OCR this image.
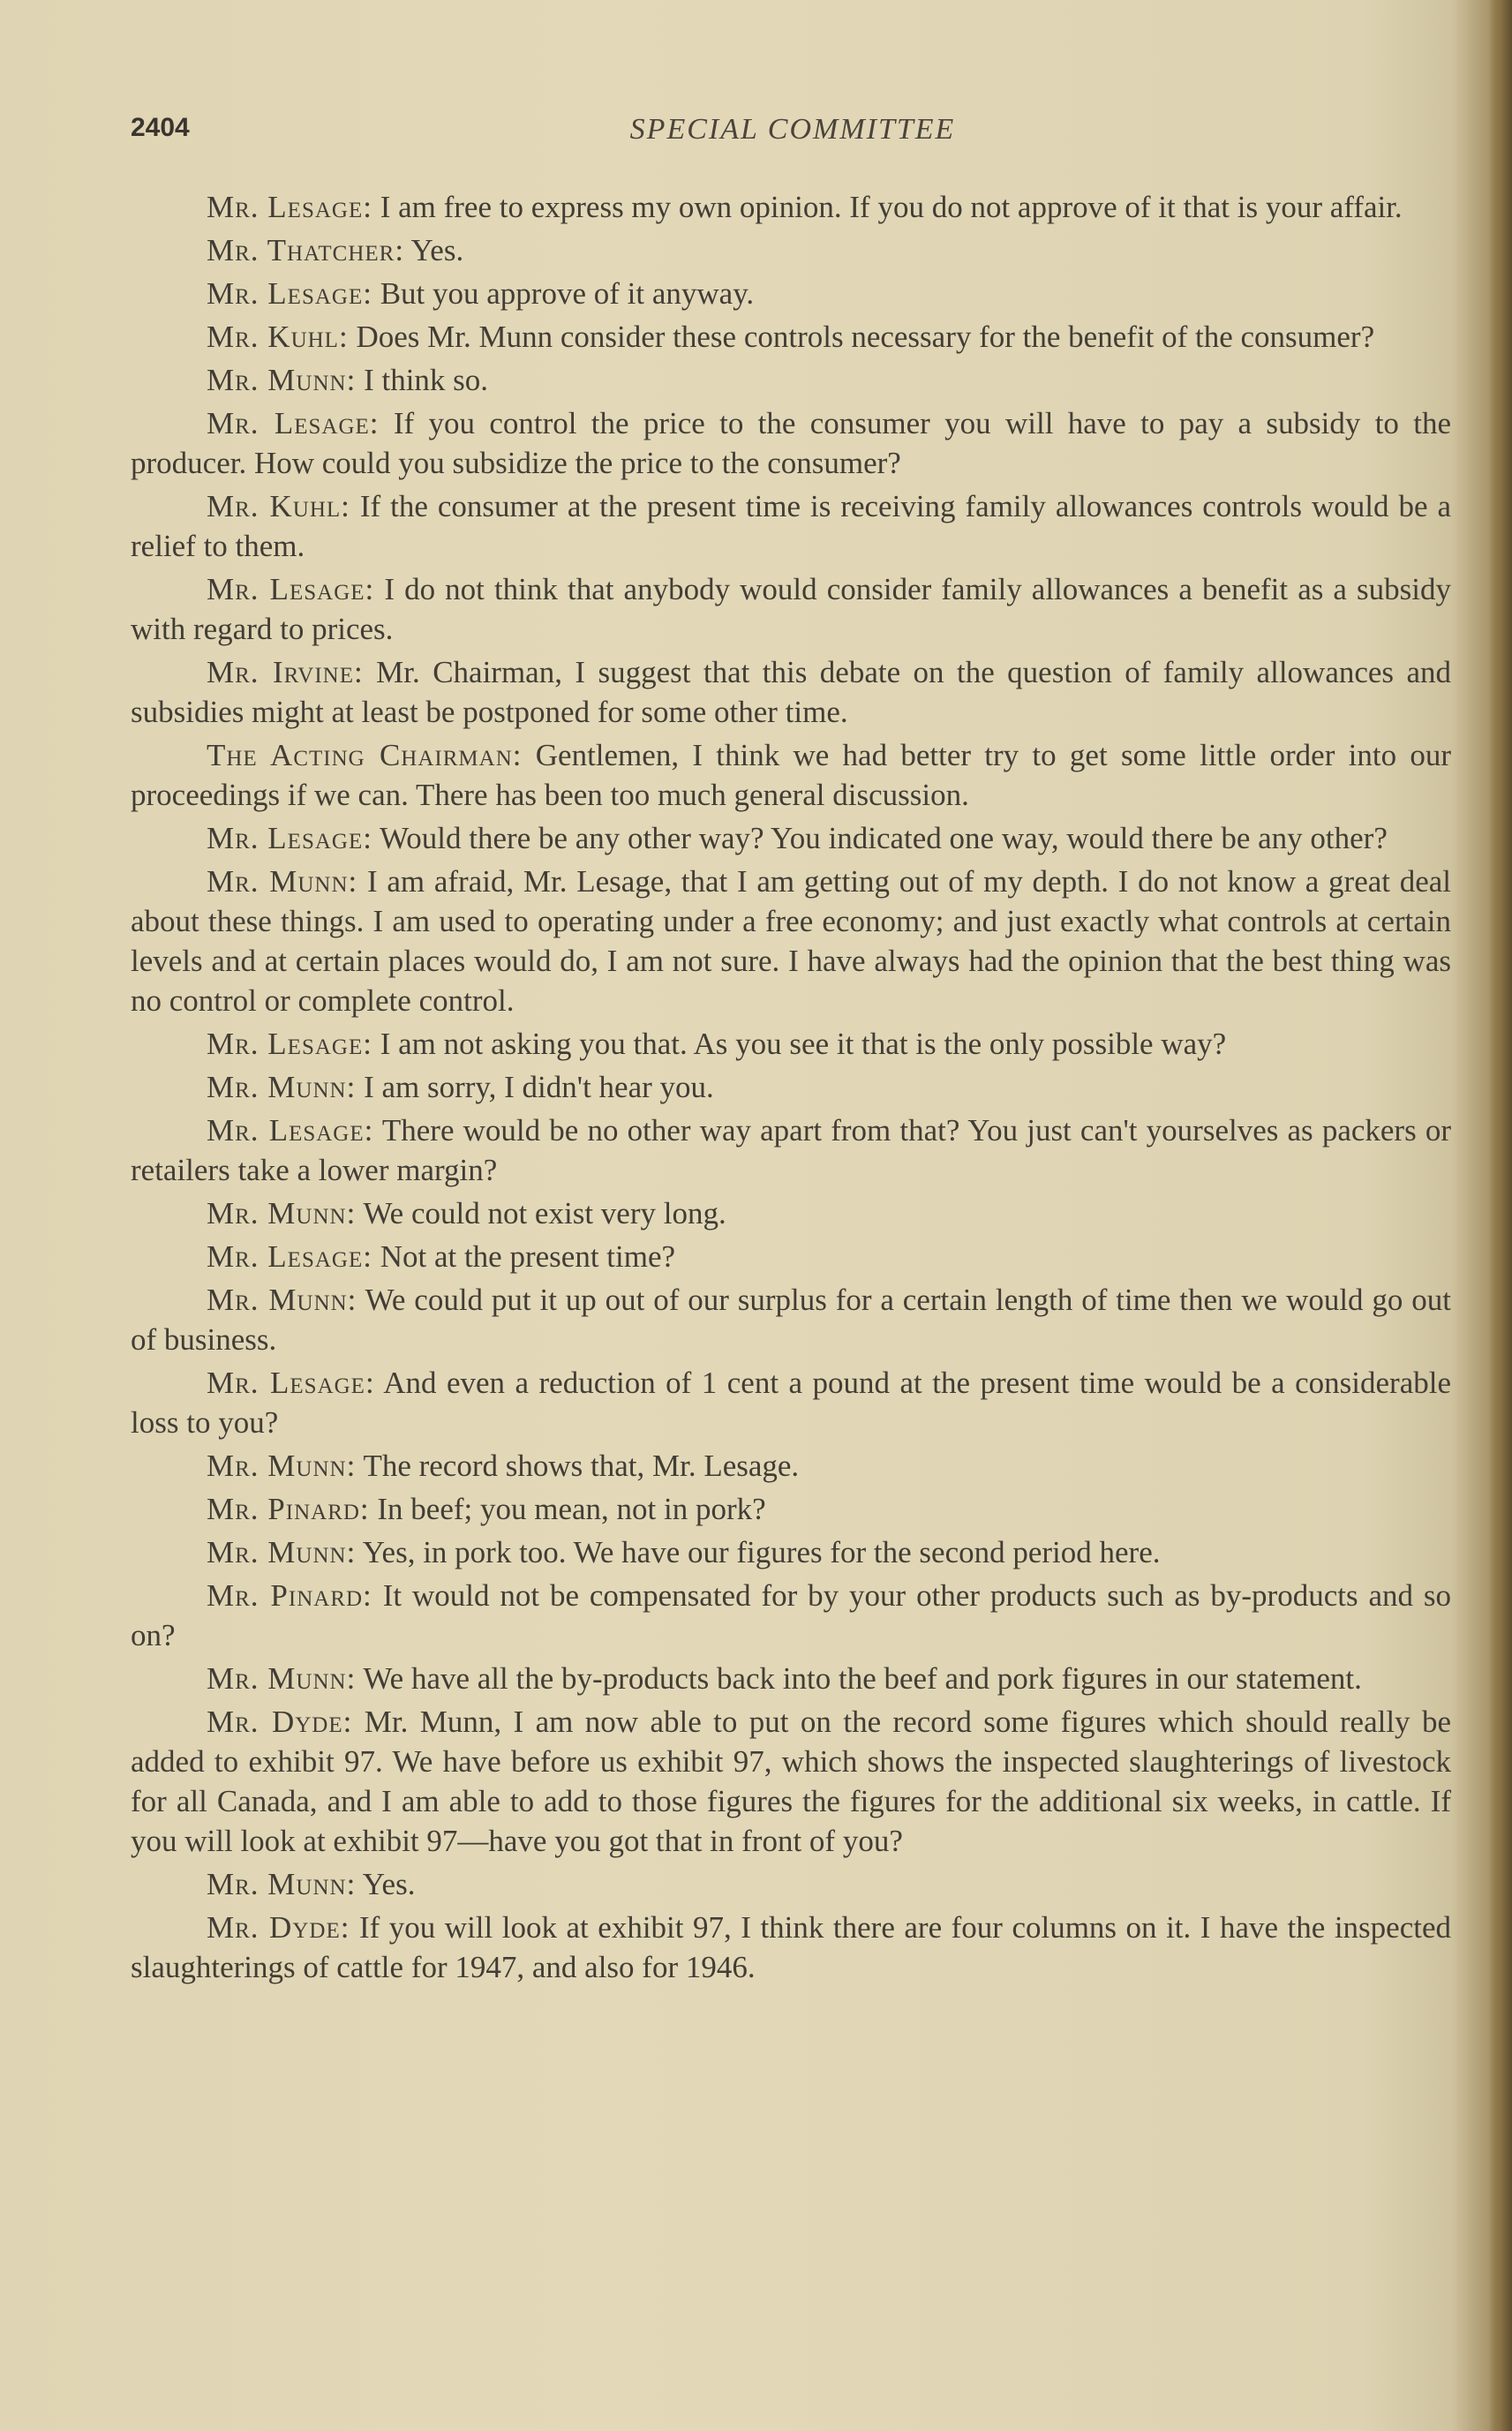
2404	SPECIAL COMMITTEE

Mr. Lesage: I am free to express my own opinion. If you do not approve of it that is your affair.

Mr. Thatcher: Yes.

Mr. Lesage: But you approve of it anyway.

Mr. Kuhl: Does Mr. Munn consider these controls necessary for the benefit of the consumer?

Mr. Munn: I think so.

Mr. Lesage: If you control the price to the consumer you will have to pay a subsidy to the producer. How could you subsidize the price to the consumer?

Mr. Kuhl: If the consumer at the present time is receiving family allowances controls would be a relief to them.

Mr. Lesage: I do not think that anybody would consider family allowances a benefit as a subsidy with regard to prices.

Mr. Irvine: Mr. Chairman, I suggest that this debate on the question of family allowances and subsidies might at least be postponed for some other time.

The Acting Chairman: Gentlemen, I think we had better try to get some little order into our proceedings if we can. There has been too much general discussion.

Mr. Lesage: Would there be any other way? You indicated one way, would there be any other?

Mr. Munn: I am afraid, Mr. Lesage, that I am getting out of my depth. I do not know a great deal about these things. I am used to operating under a free economy; and just exactly what controls at certain levels and at certain places would do, I am not sure. I have always had the opinion that the best thing was no control or complete control.

Mr. Lesage: I am not asking you that. As you see it that is the only possible way?

Mr. Munn: I am sorry, I didn't hear you.

Mr. Lesage: There would be no other way apart from that? You just can't yourselves as packers or retailers take a lower margin?

Mr. Munn: We could not exist very long.

Mr. Lesage: Not at the present time?

Mr. Munn: We could put it up out of our surplus for a certain length of time then we would go out of business.

Mr. Lesage: And even a reduction of 1 cent a pound at the present time would be a considerable loss to you?

Mr. Munn: The record shows that, Mr. Lesage.

Mr. Pinard: In beef; you mean, not in pork?

Mr. Munn: Yes, in pork too. We have our figures for the second period here.

Mr. Pinard: It would not be compensated for by your other products such as by-products and so on?

Mr. Munn: We have all the by-products back into the beef and pork figures in our statement.

Mr. Dyde: Mr. Munn, I am now able to put on the record some figures which should really be added to exhibit 97. We have before us exhibit 97, which shows the inspected slaughterings of livestock for all Canada, and I am able to add to those figures the figures for the additional six weeks, in cattle. If you will look at exhibit 97—have you got that in front of you?

Mr. Munn: Yes.

Mr. Dyde: If you will look at exhibit 97, I think there are four columns on it. I have the inspected slaughterings of cattle for 1947, and also for 1946.
